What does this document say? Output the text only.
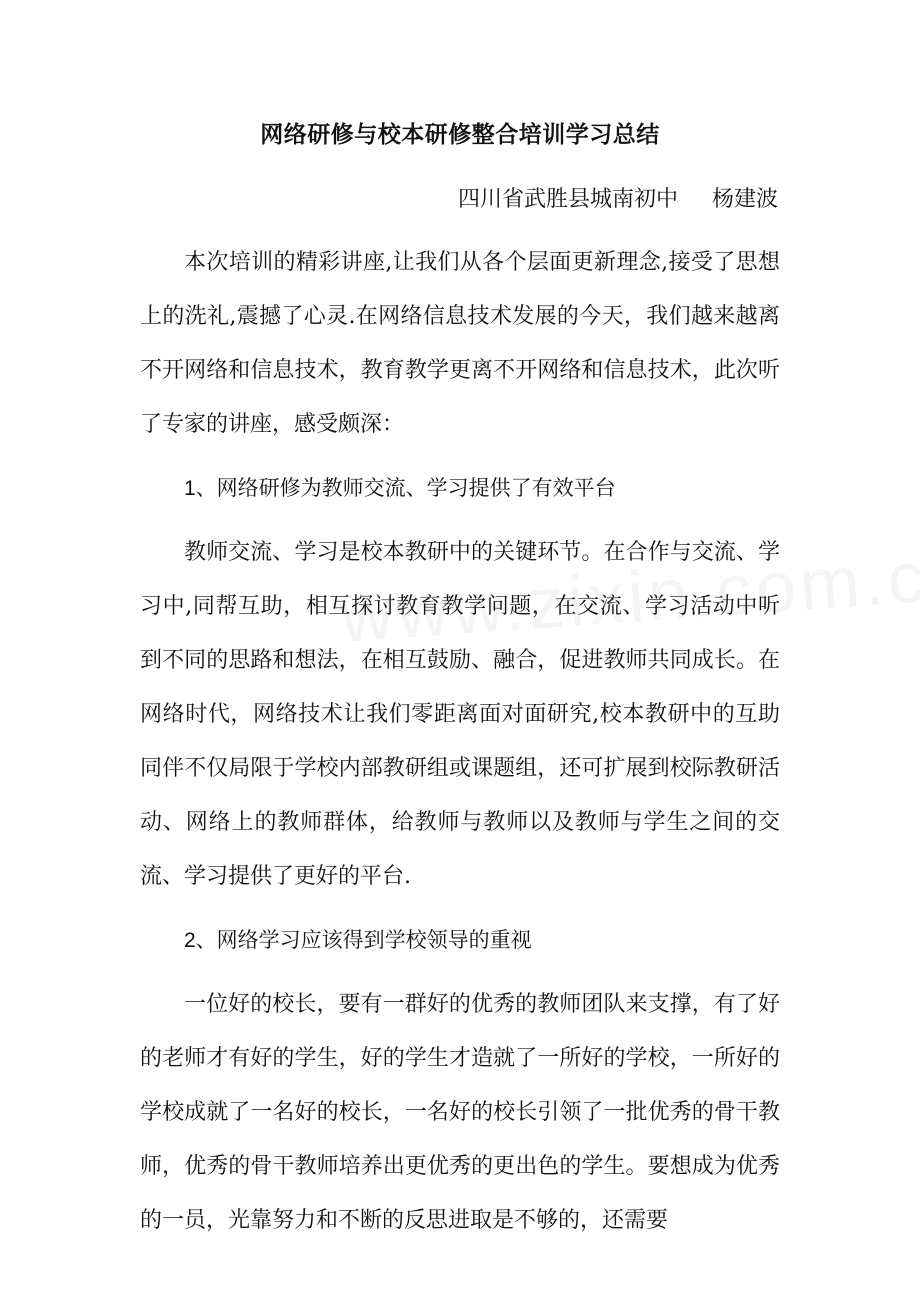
网络研修与校本研修整合培训学习总结
四川省武胜县城南初中 杨建波

本次培训的精彩讲座,让我们从各个层面更新理念,接受了思想上的洗礼,震撼了心灵.在网络信息技术发展的今天，我们越来越离不开网络和信息技术，教育教学更离不开网络和信息技术，此次听了专家的讲座，感受颇深：

1、网络研修为教师交流、学习提供了有效平台

教师交流、学习是校本教研中的关键环节。在合作与交流、学习中,同帮互助，相互探讨教育教学问题，在交流、学习活动中听到不同的思路和想法，在相互鼓励、融合，促进教师共同成长。在网络时代，网络技术让我们零距离面对面研究,校本教研中的互助同伴不仅局限于学校内部教研组或课题组，还可扩展到校际教研活动、网络上的教师群体，给教师与教师以及教师与学生之间的交流、学习提供了更好的平台.

2、网络学习应该得到学校领导的重视

一位好的校长，要有一群好的优秀的教师团队来支撑，有了好的老师才有好的学生，好的学生才造就了一所好的学校，一所好的学校成就了一名好的校长，一名好的校长引领了一批优秀的骨干教师，优秀的骨干教师培养出更优秀的更出色的学生。要想成为优秀的一员，光靠努力和不断的反思进取是不够的，还需要
